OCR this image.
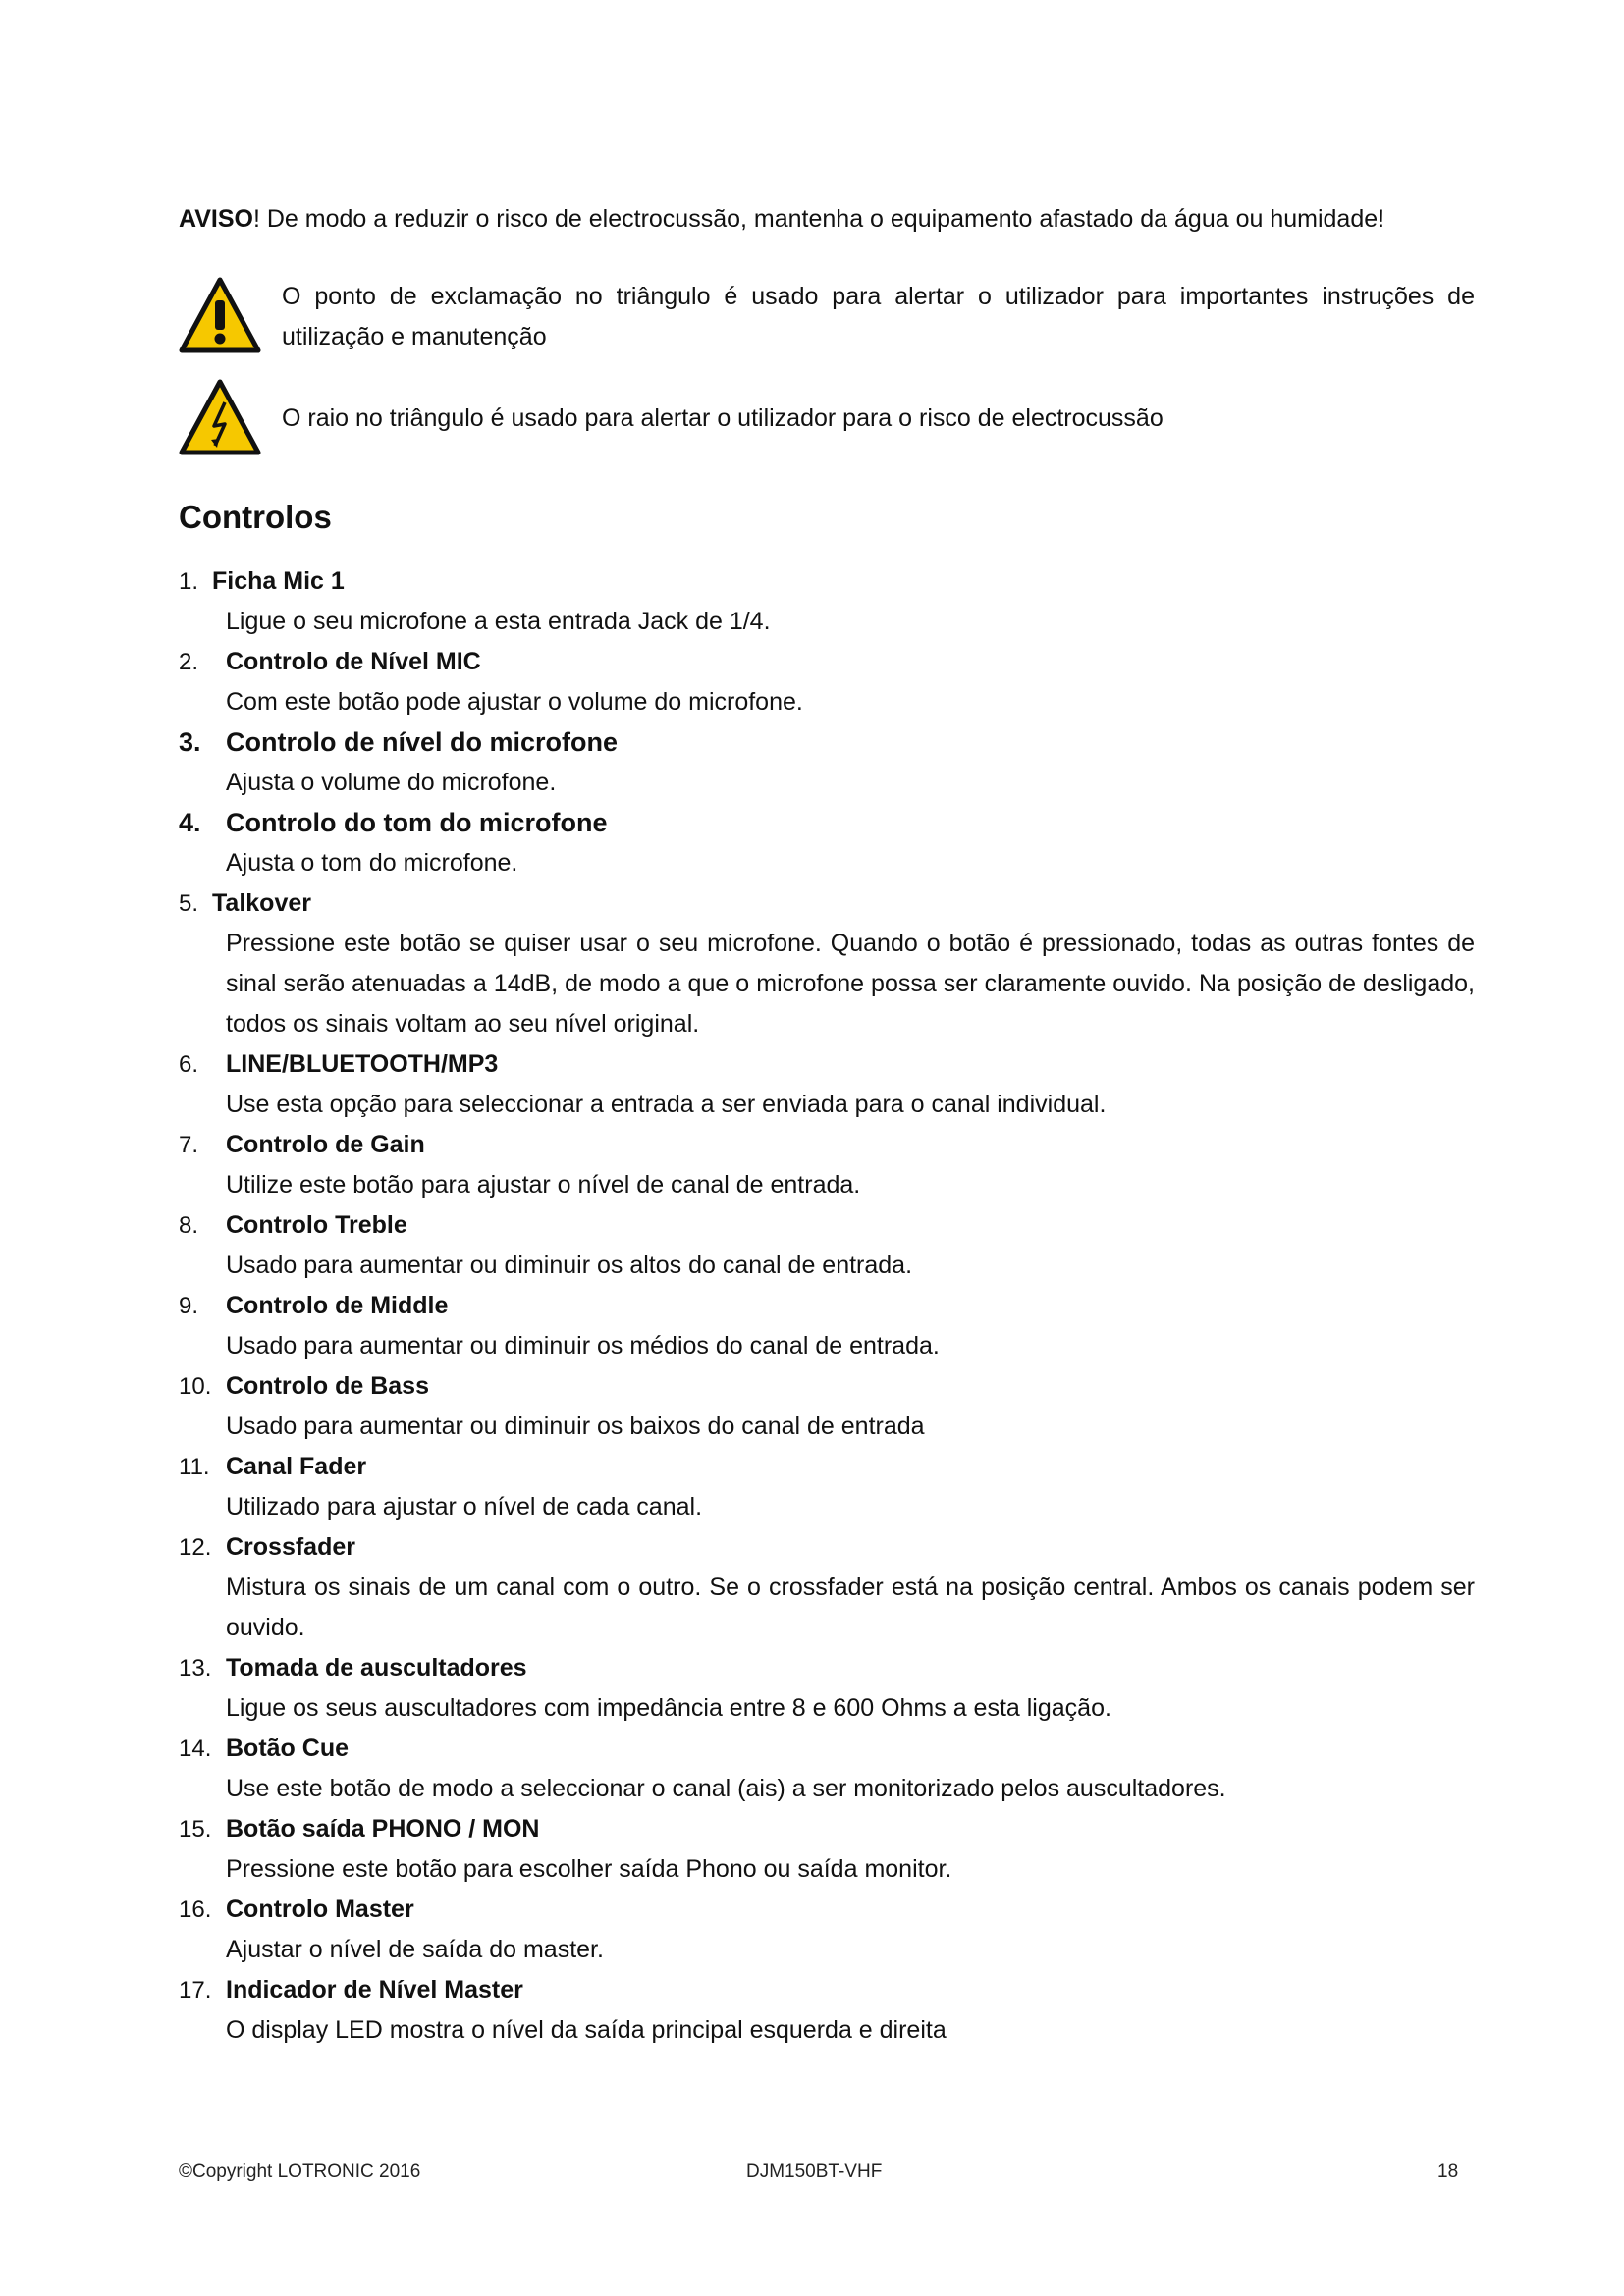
AVISO! De modo a reduzir o risco de electrocussão, mantenha o equipamento afastado da água ou humidade!
O ponto de exclamação no triângulo é usado para alertar o utilizador para importantes instruções de utilização e manutenção
O raio no triângulo é usado para alertar o utilizador para o risco de electrocussão
Controlos
1. Ficha Mic 1
Ligue o seu microfone a esta entrada Jack de 1/4.
2.	Controlo de Nível MIC
Com este botão pode ajustar o volume do microfone.
3. Controlo de nível do microfone
Ajusta o volume do microfone.
4. Controlo do tom do microfone
Ajusta o tom do microfone.
5. Talkover
Pressione este botão se quiser usar o seu microfone. Quando o botão é pressionado, todas as outras fontes de sinal serão atenuadas a 14dB, de modo a que o microfone possa ser claramente ouvido. Na posição de desligado, todos os sinais voltam ao seu nível original.
6.	LINE/BLUETOOTH/MP3
Use esta opção para seleccionar a entrada a ser enviada para o canal individual.
7.	Controlo de Gain
Utilize este botão para ajustar o nível de canal de entrada.
8.	Controlo Treble
Usado para aumentar ou diminuir os altos do canal de entrada.
9.	Controlo de Middle
Usado para aumentar ou diminuir os médios do canal de entrada.
10. Controlo de Bass
Usado para aumentar ou diminuir os baixos do canal de entrada
11. Canal Fader
Utilizado para ajustar o nível de cada canal.
12. Crossfader
Mistura os sinais de um canal com o outro. Se o crossfader está na posição central. Ambos os canais podem ser ouvido.
13. Tomada de auscultadores
Ligue os seus auscultadores com impedância entre 8 e 600 Ohms a esta ligação.
14. Botão Cue
Use este botão de modo a seleccionar o canal (ais) a ser monitorizado pelos auscultadores.
15. Botão saída PHONO / MON
Pressione este botão para escolher saída Phono ou saída monitor.
16. Controlo Master
Ajustar o nível de saída do master.
17. Indicador de Nível Master
O display LED mostra o nível da saída principal esquerda e direita
©Copyright LOTRONIC 2016	DJM150BT-VHF	18
